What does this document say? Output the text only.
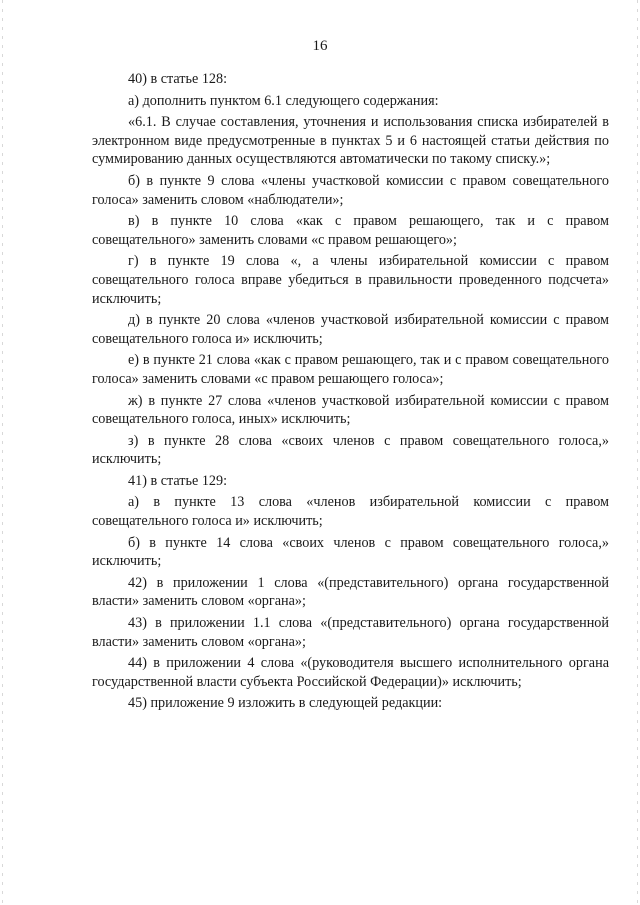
16

40) в статье 128:

а) дополнить пунктом 6.1 следующего содержания:

«6.1. В случае составления, уточнения и использования списка избирателей в электронном виде предусмотренные в пунктах 5 и 6 настоящей статьи действия по суммированию данных осуществляются автоматически по такому списку.»;

б) в пункте 9 слова «члены участковой комиссии с правом совещательного голоса» заменить словом «наблюдатели»;

в) в пункте 10 слова «как с правом решающего, так и с правом совещательного» заменить словами «с правом решающего»;

г) в пункте 19 слова «, а члены избирательной комиссии с правом совещательного голоса вправе убедиться в правильности проведенного подсчета» исключить;

д) в пункте 20 слова «членов участковой избирательной комиссии с правом совещательного голоса и» исключить;

е) в пункте 21 слова «как с правом решающего, так и с правом совещательного голоса» заменить словами «с правом решающего голоса»;

ж) в пункте 27 слова «членов участковой избирательной комиссии с правом совещательного голоса, иных» исключить;

з) в пункте 28 слова «своих членов с правом совещательного голоса,» исключить;

41) в статье 129:

а) в пункте 13 слова «членов избирательной комиссии с правом совещательного голоса и» исключить;

б) в пункте 14 слова «своих членов с правом совещательного голоса,» исключить;

42) в приложении 1 слова «(представительного) органа государственной власти» заменить словом «органа»;

43) в приложении 1.1 слова «(представительного) органа государственной власти» заменить словом «органа»;

44) в приложении 4 слова «(руководителя высшего исполнительного органа государственной власти субъекта Российской Федерации)» исключить;

45) приложение 9 изложить в следующей редакции:
